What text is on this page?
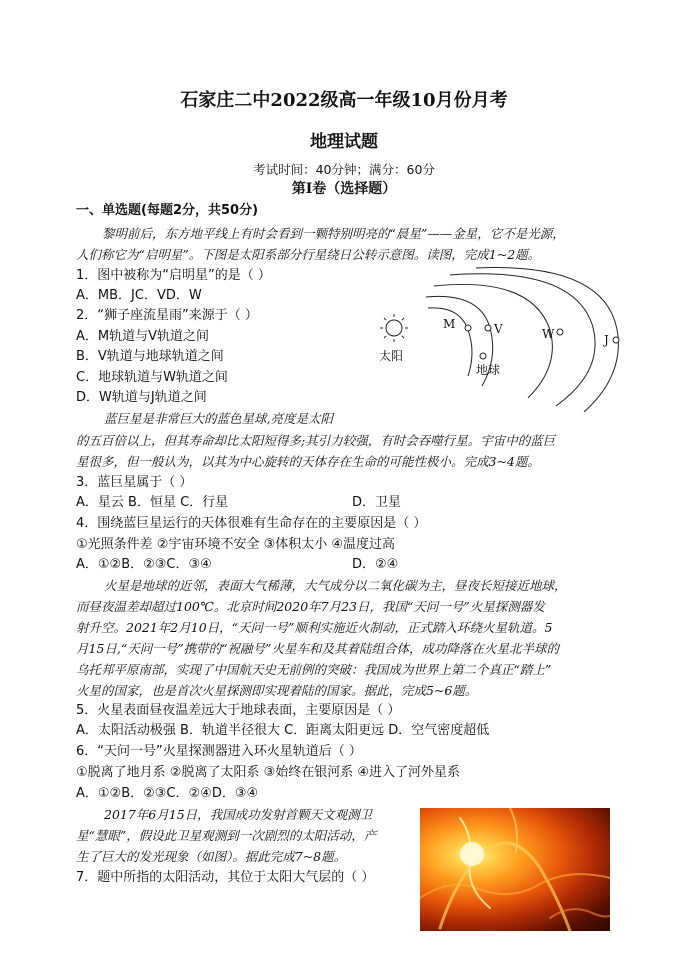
石家庄二中2022级高一年级10月份月考
地理试题
考试时间：40分钟；满分：60分
第Ⅰ卷（选择题）
一、单选题(每题2分，共50分)
黎明前后，东方地平线上有时会看到一颗特别明亮的“晨星”——金星，它不是光源，
人们称它为“启明星”。下图是太阳系部分行星绕日公转示意图。读图，完成1~2题。
1．图中被称为“启明星”的是（ ）
A．MB．JC．VD．W
2．“狮子座流星雨”来源于（ ）
A．M轨道与V轨道之间
B．V轨道与地球轨道之间
C．地球轨道与W轨道之间
D．W轨道与J轨道之间
太阳
M	V
地球
W	J
蓝巨星是非常巨大的蓝色星球,亮度是太阳
的五百倍以上，但其寿命却比太阳短得多;其引力较强，有时会吞噬行星。宇宙中的蓝巨
星很多，但一般认为，以其为中心旋转的天体存在生命的可能性极小。完成3~4题。
3．蓝巨星属于（ ）
A．星云 B．恒星 C．行星	D．卫星
4．围绕蓝巨星运行的天体很难有生命存在的主要原因是（ ）
①光照条件差 ②宇宙环境不安全 ③体积太小 ④温度过高
A．①②B．②③C．③④	D．②④
火星是地球的近邻，表面大气稀薄，大气成分以二氧化碳为主，昼夜长短接近地球，
而昼夜温差却超过100℃。北京时间2020年7月23日，我国“天问一号”火星探测器发
射升空。2021年2月10日，“天问一号”顺利实施近火制动，正式踏入环绕火星轨道。5
月15日,“天问一号”携带的“祝融号”火星车和及其着陆组合体，成功降落在火星北半球的
乌托邦平原南部，实现了中国航天史无前例的突破：我国成为世界上第二个真正“踏上”
火星的国家，也是首次火星探测即实现着陆的国家。据此，完成5~6题。
5．火星表面昼夜温差远大于地球表面，主要原因是（ ）
A．太阳活动极强 B．轨道半径很大 C．距离太阳更远 D．空气密度超低
6．“天问一号”火星探测器进入环火星轨道后（ ）
①脱离了地月系 ②脱离了太阳系 ③始终在银河系 ④进入了河外星系
A．①②B．②③C．②④D．③④
2017年6月15日，我国成功发射首颗天文观测卫
星“慧眼”，假设此卫星观测到一次剧烈的太阳活动，产
生了巨大的发光现象（如图）。据此完成7~8题。
7．题中所指的太阳活动，其位于太阳大气层的（ ）
